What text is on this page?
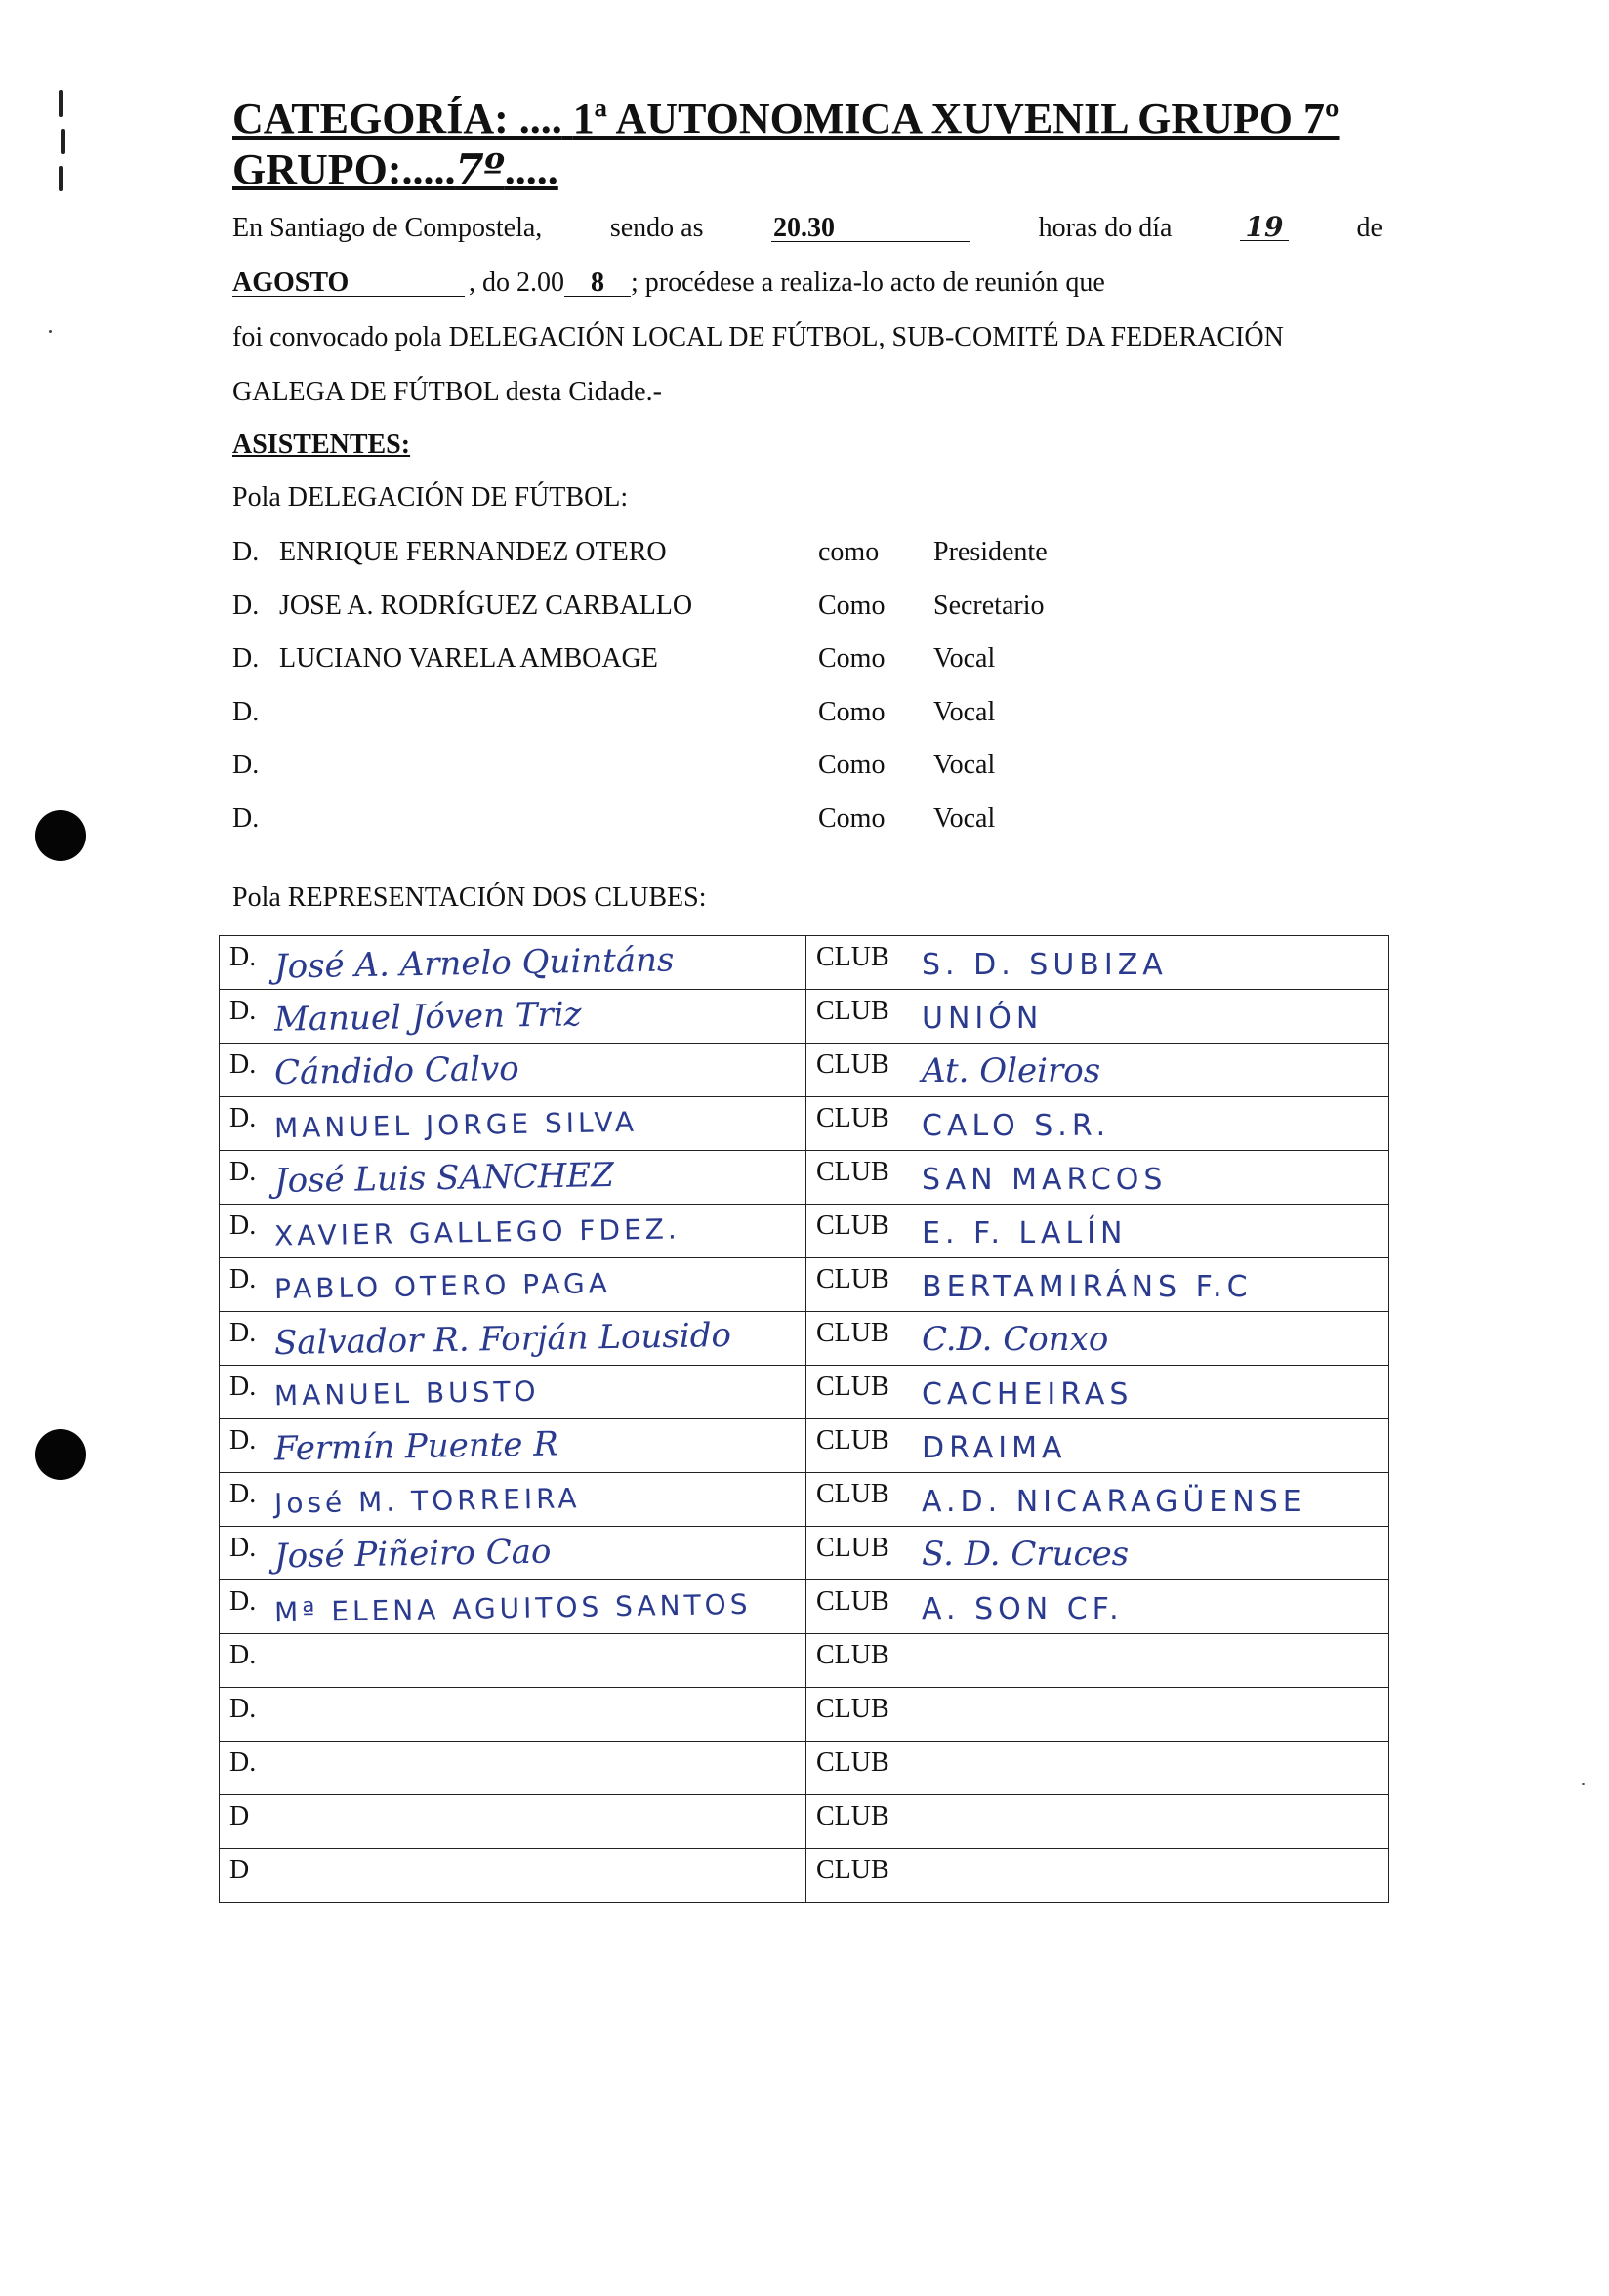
CATEGORÍA: .... 1ª AUTONOMICA XUVENIL GRUPO 7º
GRUPO:.....7º.....
En Santiago de Compostela, sendo as	20.30	horas do día	19	de
AGOSTO	, do 2.00 8 ; procédese a realiza-lo acto de reunión que
foi convocado pola DELEGACIÓN LOCAL DE FÚTBOL, SUB-COMITÉ DA FEDERACIÓN
GALEGA DE FÚTBOL desta Cidade.-
ASISTENTES:
Pola DELEGACIÓN DE FÚTBOL:
D. ENRIQUE FERNANDEZ OTERO	como Presidente
D. JOSE A. RODRÍGUEZ CARBALLO	Como Secretario
D. LUCIANO VARELA AMBOAGE	Como Vocal
D.	Como Vocal
D.	Como Vocal
D.	Como Vocal
Pola REPRESENTACIÓN DOS CLUBES:
D. José A. Arnelo Quintáns	CLUB S. D. SUBIZA

D. Manuel Jóven Triz	CLUB UNIÓN

D. Cándido Calvo	CLUB At. Oleiros

D. MANUEL JORGE SILVA	CLUB CALO S.R.

D. José Luis SANCHEZ	CLUB SAN MARCOS

D. XAVIER GALLEGO FDEZ.	CLUB E. F. LALÍN

D. PABLO OTERO PAGA	CLUB BERTAMIRÁNS F.C

D. Salvador R. Forján Lousido	CLUB C.D. Conxo

D. MANUEL BUSTO	CLUB CACHEIRAS

D. Fermín Puente R	CLUB DRAIMA

D. José M. TORREIRA	CLUB A.D. NICARAGÜENSE

D. José Piñeiro Cao	CLUB S. D. Cruces

D. Mª ELENA AGUITOS SANTOS	CLUB A. SON CF.

D.	CLUB

D.	CLUB

D.	CLUB

D	CLUB

D	CLUB
